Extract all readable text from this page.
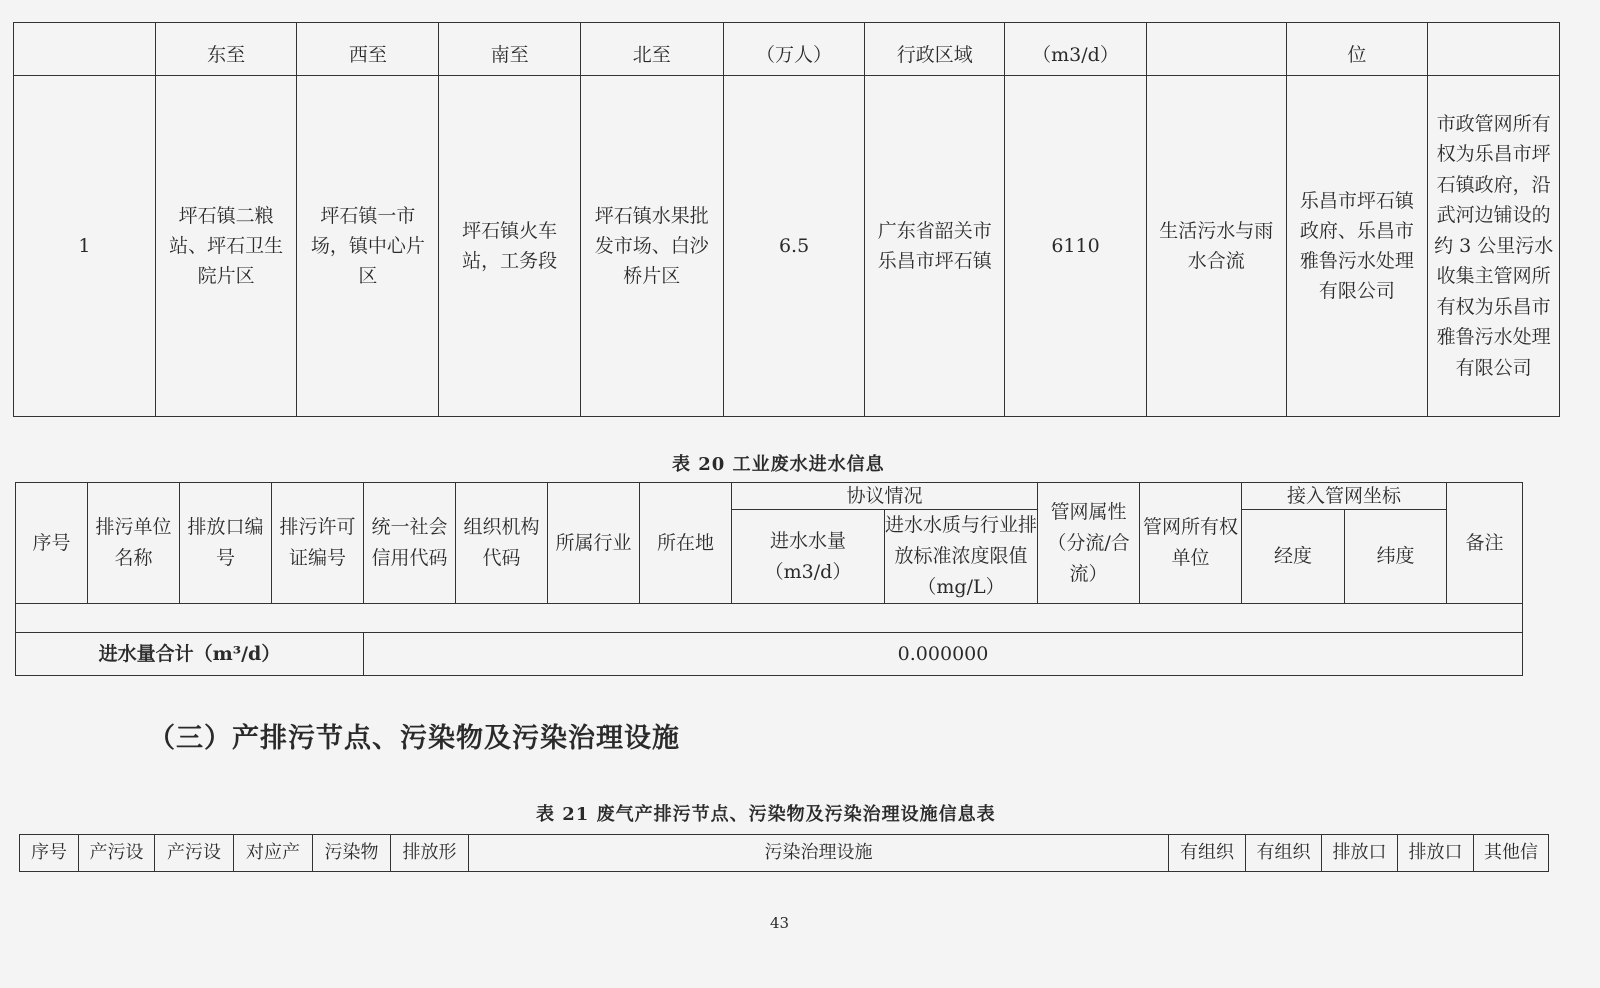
	东至	西至	南至	北至	（万人）	行政区域	（m3/d）		位	
1	坪石镇二粮站、坪石卫生院片区	坪石镇一市场，镇中心片区	坪石镇火车站，工务段	坪石镇水果批发市场、白沙桥片区	6.5	广东省韶关市乐昌市坪石镇	6110	生活污水与雨水合流	乐昌市坪石镇政府、乐昌市雅鲁污水处理有限公司	市政管网所有权为乐昌市坪石镇政府，沿武河边铺设的约 3 公里污水收集主管网所有权为乐昌市雅鲁污水处理有限公司
表 20 工业废水进水信息
序号	排污单位名称	排放口编号	排污许可证编号	统一社会信用代码	组织机构代码	所属行业	所在地	协议情况		管网属性（分流/合流）	管网所有权单位	接入管网坐标		备注
								进水水量（m3/d）	进水水质与行业排放标准浓度限值（mg/L）			经度	纬度	

进水量合计（m³/d）				0.000000										
（三）产排污节点、污染物及污染治理设施
表 21 废气产排污节点、污染物及污染治理设施信息表
序号	产污设	产污设	对应产	污染物	排放形	污染治理设施	有组织	有组织	排放口	排放口	其他信
43
